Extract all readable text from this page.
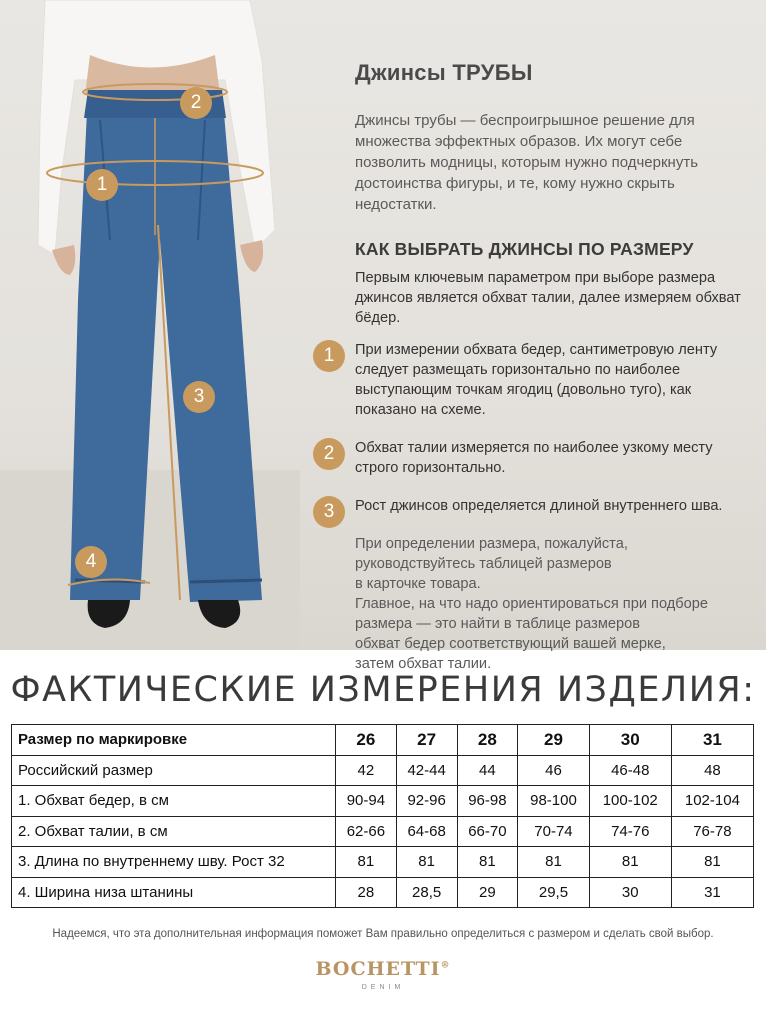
1
2
3
4
Джинсы ТРУБЫ

Джинсы трубы — беспроигрышное решение для множества эффектных образов. Их могут себе позволить модницы, которым нужно подчеркнуть достоинства фигуры, и те, кому нужно скрыть недостатки.

КАК ВЫБРАТЬ ДЖИНСЫ ПО РАЗМЕРУ

Первым ключевым параметром при выборе размера джинсов является обхват талии, далее измеряем обхват бёдер.

1	При измерении обхвата бедер, сантиметровую ленту следует размещать горизонтально по наиболее выступающим точкам ягодиц (довольно туго), как показано на схеме.

2	Обхват талии измеряется по наиболее узкому месту строго горизонтально.

3	Рост джинсов определяется длиной внутреннего шва.

При определении размера, пожалуйста,
руководствуйтесь таблицей размеров
в карточке товара.
Главное, на что надо ориентироваться при подборе
размера — это найти в таблице размеров
обхват бедер соответствующий вашей мерке,
затем обхват талии.

ФАКТИЧЕСКИЕ ИЗМЕРЕНИЯ ИЗДЕЛИЯ:
Размер по маркировке	26	27	28	29	30	31
Российский размер	42	42-44	44	46	46-48	48
1. Обхват бедер, в см	90-94	92-96	96-98	98-100	100-102	102-104
2. Обхват талии, в см	62-66	64-68	66-70	70-74	74-76	76-78
3. Длина по внутреннему шву. Рост 32	81	81	81	81	81	81
4. Ширина низа штанины	28	28,5	29	29,5	30	31
Надеемся, что эта дополнительная информация поможет Вам правильно определиться с размером и сделать свой выбор.
BOCHETTI®
DENIM
